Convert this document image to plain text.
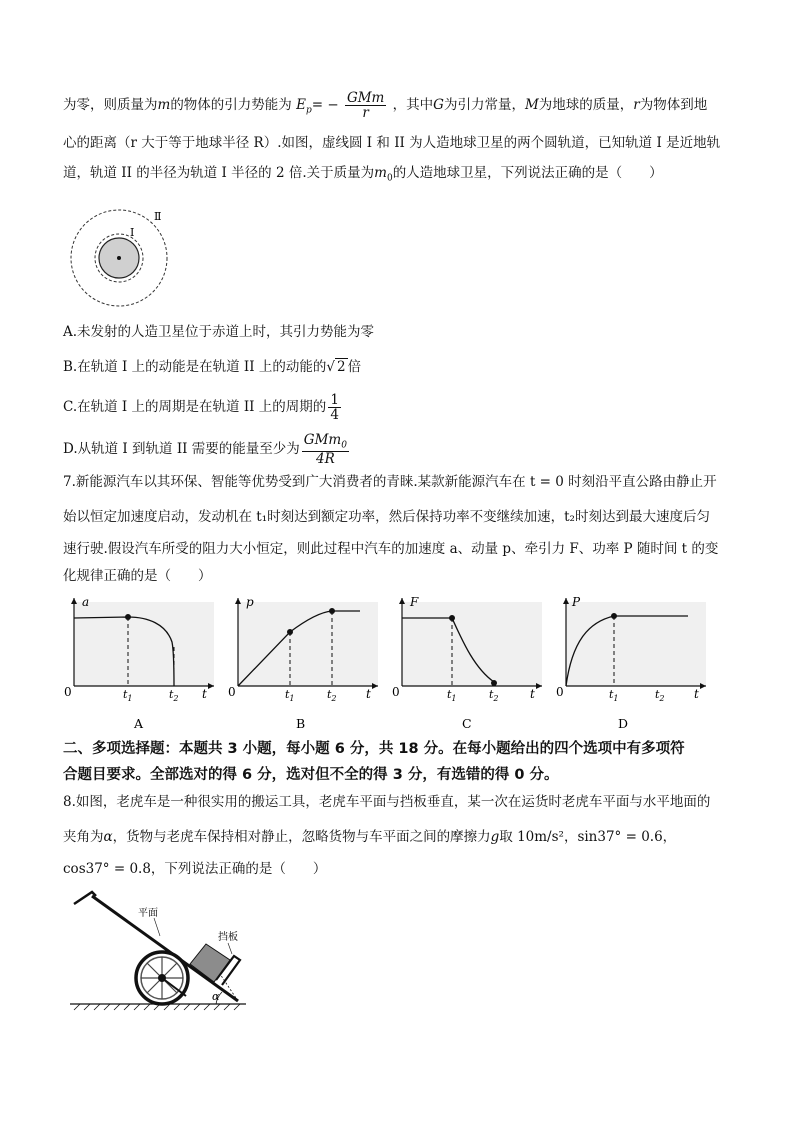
为零，则质量为m的物体的引力势能为 $E_p= - \frac{\text{GMm}}{r}$ ，其中G为引力常量，M为地球的质量，r为物体到地
心的距离（r 大于等于地球半径 R）.如图，虚线圆 I 和 II 为人造地球卫星的两个圆轨道，已知轨道 I 是近地轨
道，轨道 II 的半径为轨道 I 半径的 2 倍.关于质量为$m_0$的人造地球卫星，下列说法正确的是（　　）
I
Ⅱ
A.未发射的人造卫星位于赤道上时，其引力势能为零
B.在轨道 I 上的动能是在轨道 II 上的动能的√ 2 倍
C.在轨道 I 上的周期是在轨道 II 上的周期的 $\frac{1}{4}$
D.从轨道 I 到轨道 II 需要的能量至少为 $\frac{GMm_0}{4R}$
7.新能源汽车以其环保、智能等优势受到广大消费者的青睐.某款新能源汽车在 t = 0 时刻沿平直公路由静止开
始以恒定加速度启动，发动机在 t₁时刻达到额定功率，然后保持功率不变继续加速，t₂时刻达到最大速度后匀
速行驶.假设汽车所受的阻力大小恒定，则此过程中汽车的加速度 a、动量 p、牵引力 F、功率 P 随时间 t 的变
化规律正确的是（　　）
a
0	$t_1$	$t_2$ t
A
p
0	$t_1$	$t_2$ t
B
F
0	$t_1$	$t_2$	t
C
P
0	$t_1$	$t_2$ t
D
二、多项选择题：本题共 3 小题，每小题 6 分，共 18 分。在每小题给出的四个选项中有多项符
合题目要求。全部选对的得 6 分，选对但不全的得 3 分，有选错的得 0 分。
8.如图，老虎车是一种很实用的搬运工具，老虎车平面与挡板垂直，某一次在运货时老虎车平面与水平地面的
夹角为α，货物与老虎车保持相对静止，忽略货物与车平面之间的摩擦力g取 10m/s²，sin37° = 0.6，
cos37° = 0.8，下列说法正确的是（　　）
平面
挡板
α
